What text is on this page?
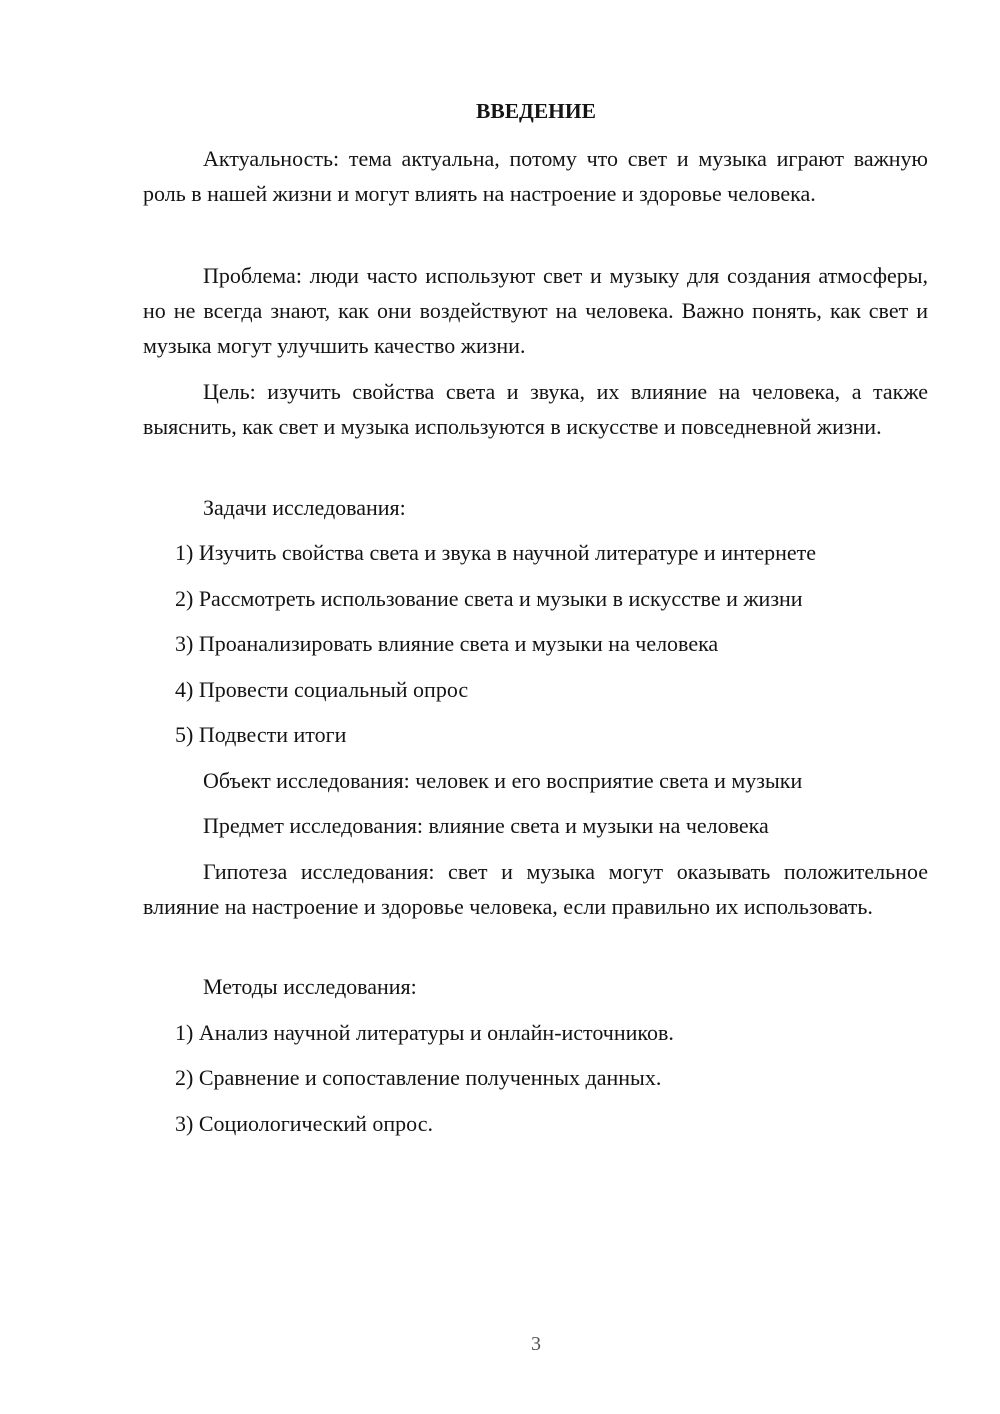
ВВЕДЕНИЕ

Актуальность: тема актуальна, потому что свет и музыка играют важную роль в нашей жизни и могут влиять на настроение и здоровье человека.

Проблема: люди часто используют свет и музыку для создания атмосферы, но не всегда знают, как они воздействуют на человека. Важно понять, как свет и музыка могут улучшить качество жизни.

Цель: изучить свойства света и звука, их влияние на человека, а также выяснить, как свет и музыка используются в искусстве и повседневной жизни.

Задачи исследования:
1) Изучить свойства света и звука в научной литературе и интернете
2) Рассмотреть использование света и музыки в искусстве и жизни
3) Проанализировать влияние света и музыки на человека
4) Провести социальный опрос
5) Подвести итоги
Объект исследования: человек и его восприятие света и музыки
Предмет исследования: влияние света и музыки на человека

Гипотеза исследования: свет и музыка могут оказывать положительное влияние на настроение и здоровье человека, если правильно их использовать.

Методы исследования:
1) Анализ научной литературы и онлайн-источников.
2) Сравнение и сопоставление полученных данных.
3) Социологический опрос.
3
